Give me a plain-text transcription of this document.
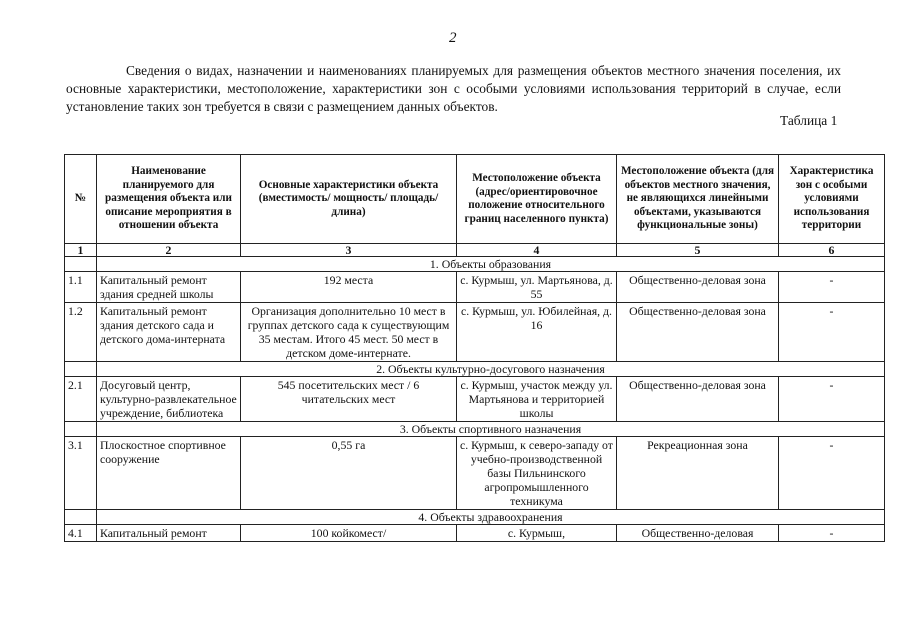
2

Сведения о видах, назначении и наименованиях планируемых для размещения объектов местного значения поселения, их основные характеристики, местоположение, характеристики зон с особыми условиями использования территорий в случае, если установление таких зон требуется в связи с размещением данных объектов.

Таблица 1
№	Наименование планируемого для размещения объекта или описание мероприятия в отношении объекта	Основные характеристики объекта (вместимость/ мощность/ площадь/ длина)	Местоположение объекта (адрес/ориентировочное положение относительного границ населенного пункта)	Местоположение объекта (для объектов местного значения, не являющихся линейными объектами, указываются функциональные зоны)	Характеристика зон с особыми условиями использования территории
1	2	3	4	5	6
	1. Объекты образования				
1.1	Капитальный ремонт здания средней школы	192 места	с. Курмыш, ул. Мартьянова, д. 55	Общественно-деловая зона	-
1.2	Капитальный ремонт здания детского сада и детского дома-интерната	Организация дополнительно 10 мест в группах детского сада к существующим 35 местам. Итого 45 мест. 50 мест в детском доме-интернате.	с. Курмыш, ул. Юбилейная, д. 16	Общественно-деловая зона	-
	2. Объекты культурно-досугового назначения				
2.1	Досуговый центр, культурно-развлекательное учреждение, библиотека	545 посетительских мест / 6 читательских мест	с. Курмыш, участок между ул. Мартьянова и территорией школы	Общественно-деловая зона	-
	3. Объекты спортивного назначения				
3.1	Плоскостное спортивное сооружение	0,55 га	с. Курмыш, к северо-западу от учебно-производственной базы Пильнинского агропромышленного техникума	Рекреационная зона	-
	4. Объекты здравоохранения				
4.1	Капитальный ремонт	100 койкомест/	с. Курмыш,	Общественно-деловая	-
